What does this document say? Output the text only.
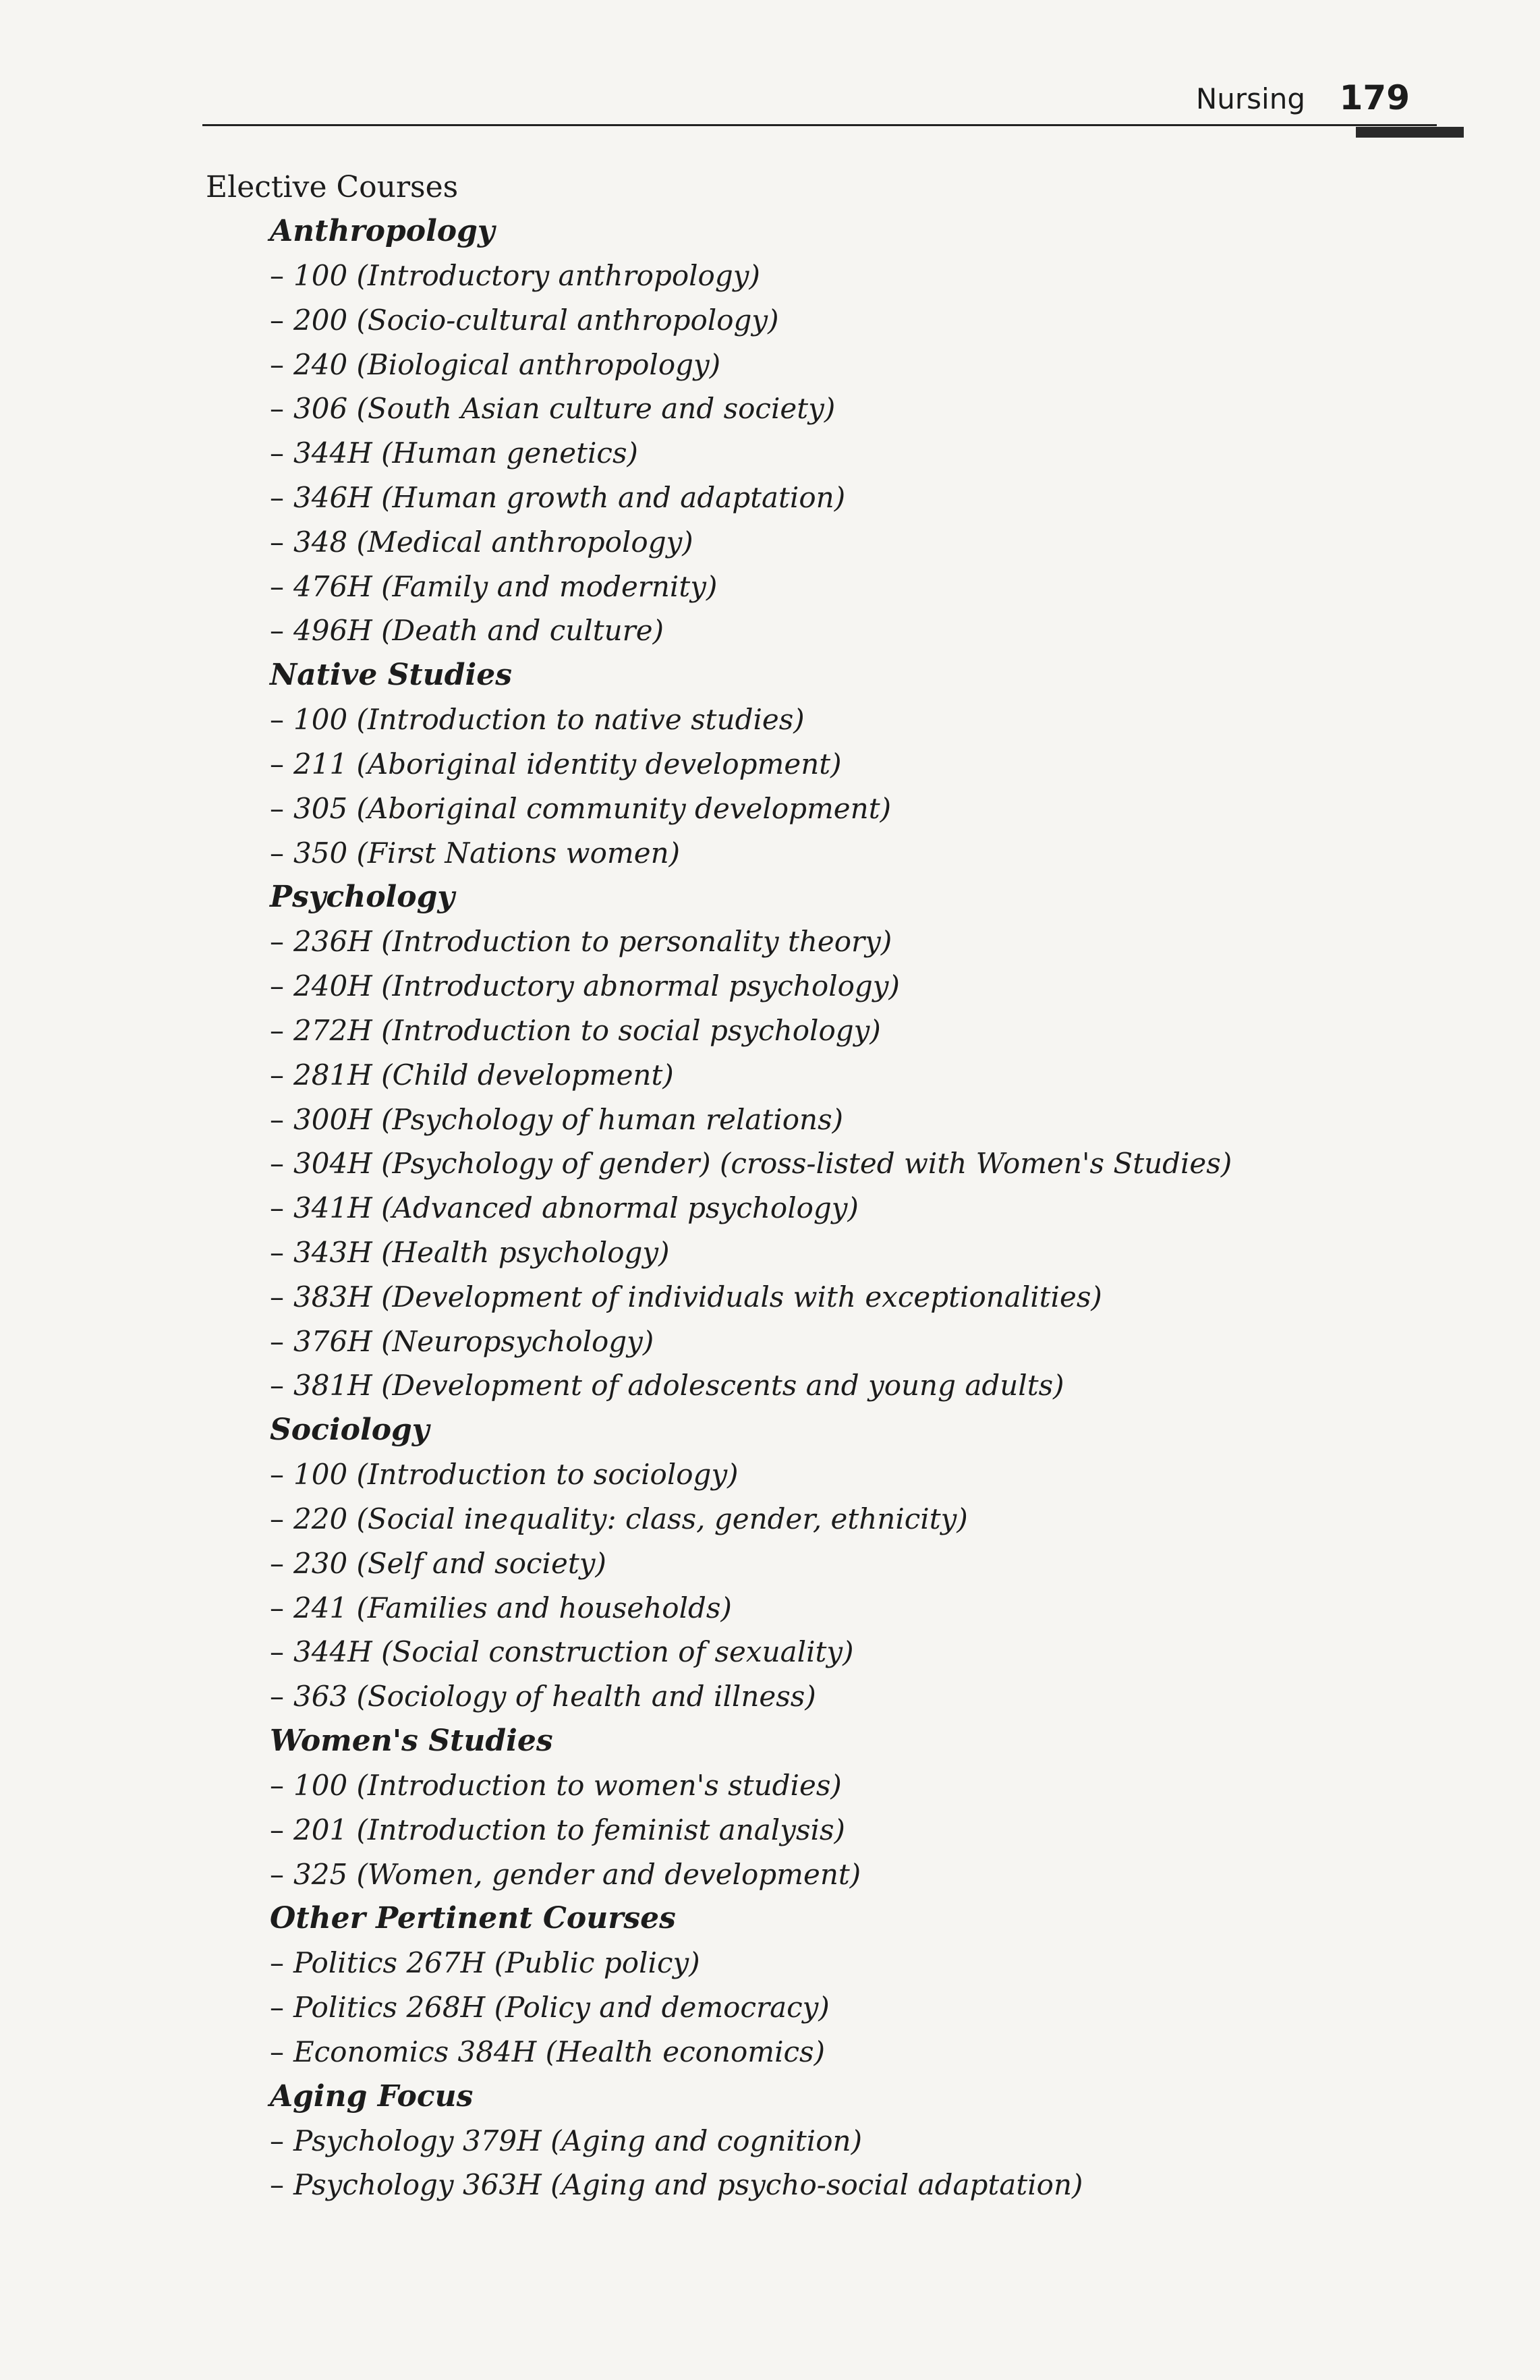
Nursing 179
Elective Courses
Anthropology
– 100 (Introductory anthropology)
– 200 (Socio-cultural anthropology)
– 240 (Biological anthropology)
– 306 (South Asian culture and society)
– 344H (Human genetics)
– 346H (Human growth and adaptation)
– 348 (Medical anthropology)
– 476H (Family and modernity)
– 496H (Death and culture)
Native Studies
– 100 (Introduction to native studies)
– 211 (Aboriginal identity development)
– 305 (Aboriginal community development)
– 350 (First Nations women)
Psychology
– 236H (Introduction to personality theory)
– 240H (Introductory abnormal psychology)
– 272H (Introduction to social psychology)
– 281H (Child development)
– 300H (Psychology of human relations)
– 304H (Psychology of gender) (cross-listed with Women's Studies)
– 341H (Advanced abnormal psychology)
– 343H (Health psychology)
– 383H (Development of individuals with exceptionalities)
– 376H (Neuropsychology)
– 381H (Development of adolescents and young adults)
Sociology
– 100 (Introduction to sociology)
– 220 (Social inequality: class, gender, ethnicity)
– 230 (Self and society)
– 241 (Families and households)
– 344H (Social construction of sexuality)
– 363 (Sociology of health and illness)
Women's Studies
– 100 (Introduction to women's studies)
– 201 (Introduction to feminist analysis)
– 325 (Women, gender and development)
Other Pertinent Courses
– Politics 267H (Public policy)
– Politics 268H (Policy and democracy)
– Economics 384H (Health economics)
Aging Focus
– Psychology 379H (Aging and cognition)
– Psychology 363H (Aging and psycho-social adaptation)
